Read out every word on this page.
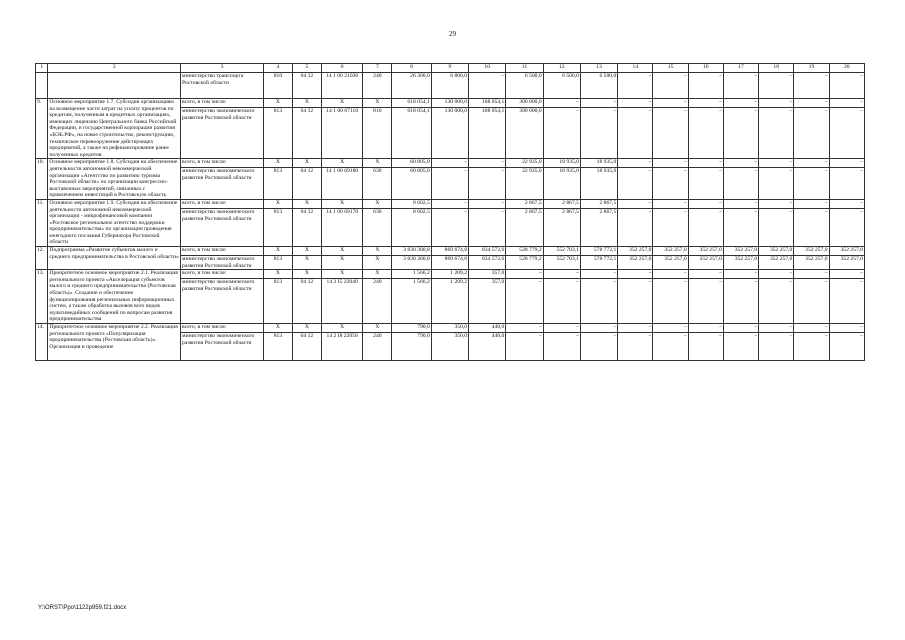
29
1	2	3	4	5	6	7	8	9	10	11	12	13	14	15	16	17	18	19	20
		министерство транспорта Ростовской области	810	04 12	14 1 00 21030	240	26 300,0	6 800,0	–	6 500,0	6 500,0	6 500,0	–	–	–	–	–	–	–
9.	Основное мероприятие 1.7. Субсидия организациям на возмещение части затрат на уплату процентов по кредитам, полученным в кредитных организациях, имеющих лицензию Центрального банка Российской Федерации, и государственной корпорации развития «ВЭБ.РФ», на новое строительство, реконструкцию, техническое перевооружение действующих предприятий, а также на рефинансирование ранее полученных кредитов	всего, в том числе:	X	X	X	X	618 054,1	130 000,0	188 054,1	300 000,0	–	–	–	–	–	–	–	–	–
		министерство экономического развития Ростовской области	813	04 12	14 1 00 67110	810	618 054,1	130 000,0	188 054,1	300 000,0	–	–	–	–	–	–	–	–	–
10.	Основное мероприятие 1.8. Субсидия на обеспечение деятельности автономной некоммерческой организации «Агентство по развитию туризма Ростовской области» по организации конгрессно-выставочных мероприятий, связанных с привлечением инвестиций в Ростовскую область	всего, в том числе:	X	X	X	X	60 805,0	–	–	22 935,0	18 935,0	18 935,0	–	–	–	–	–	–	–
		министерство экономического развития Ростовской области	813	04 12	14 1 00 69180	630	60 805,0	–	–	22 935,0	18 935,0	18 935,0	–	–	–	–	–	–	–
11.	Основное мероприятие 1.9. Субсидия на обеспечение деятельности автономной некоммерческой организации - микрофинансовой компании «Ростовское региональное агентство поддержки предпринимательства» по организации проведения ежегодного послания Губернатора Ростовской области	всего, в том числе:	X	X	X	X	8 602,5	–	–	2 867,5	2 867,5	2 867,5	–	–	–	–	–	–	–
		министерство экономического развития Ростовской области	813	04 12	14 1 00 69170	630	8 602,5	–	–	2 867,5	2 867,5	2 867,5	–	–	–	–	–	–	–
12.	Подпрограмма «Развитие субъектов малого и среднего предпринимательства в Ростовской области»	всего, в том числе:	X	X	X	X	3 830 300,8	869 674,8	834 572,6	528 779,2	552 703,1	578 772,1	352 257,0	352 257,0	352 257,0	352 257,0	352 257,0	352 257,0	352 257,0
		министерство экономического развития Ростовской области	813	X	X	X	3 830 300,8	869 674,8	834 572,6	528 779,2	552 703,1	578 772,1	352 257,0	352 257,0	352 257,0	352 257,0	352 257,0	352 257,0	352 257,0
13.	Приоритетное основное мероприятие 2.1. Реализация регионального проекта «Акселерация субъектов малого и среднего предпринимательства (Ростовская область)». Создание и обеспечение функционирования региональных информационных систем, а также обработка вызовов всех видов мультимедийных сообщений по вопросам развития предпринимательства	всего, в том числе:	X	X	X	X	1 566,2	1 209,2	357,0	–	–	–	–	–	–	–	–	–	–
		министерство экономического развития Ростовской области	813	04 12	14 2 I5 22040	240	1 566,2	1 209,2	357,0	–	–	–	–	–	–	–	–	–	–
14.	Приоритетное основное мероприятие 2.2. Реализация регионального проекта «Популяризация предпринимательства (Ростовская область)». Организация и проведение	всего, в том числе:	X	X	X	X	790,0	350,0	440,0	–	–	–	–	–	–	–	–	–	–
		министерство экономического развития Ростовской области	813	04 12	14 2 I8 22050	240	790,0	350,0	440,0	–	–	–	–	–	–	–	–	–	–
Y:\ORST\Ppo\1122p959.f21.docx
